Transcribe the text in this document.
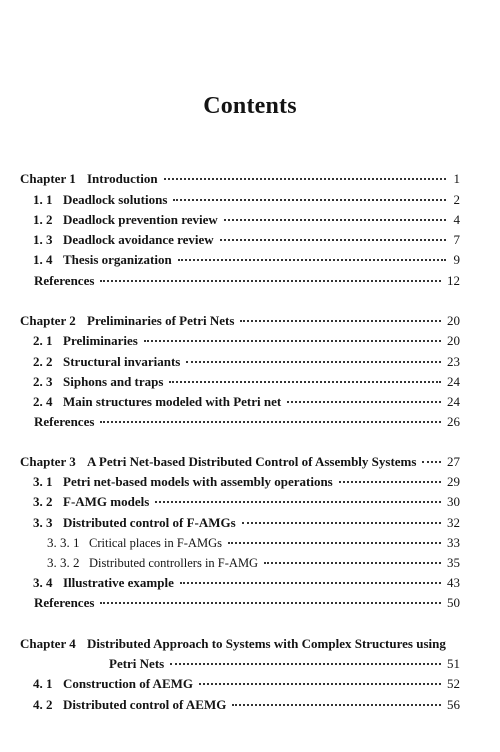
Contents
Chapter 1 Introduction	1
1. 1 Deadlock solutions	2
1. 2 Deadlock prevention review	4
1. 3 Deadlock avoidance review	7
1. 4 Thesis organization	9
References	12
Chapter 2 Preliminaries of Petri Nets	20
2. 1 Preliminaries	20
2. 2 Structural invariants	23
2. 3 Siphons and traps	24
2. 4 Main structures modeled with Petri net	24
References	26
Chapter 3 A Petri Net-based Distributed Control of Assembly Systems 27
3. 1 Petri net-based models with assembly operations	29
3. 2 F-AMG models	30
3. 3 Distributed control of F-AMGs	32
3. 3. 1 Critical places in F-AMGs	33
3. 3. 2 Distributed controllers in F-AMG	35
3. 4 Illustrative example	43
References	50
Chapter 4 Distributed Approach to Systems with Complex Structures using
Petri Nets	51
4. 1 Construction of AEMG	52
4. 2 Distributed control of AEMG	56
